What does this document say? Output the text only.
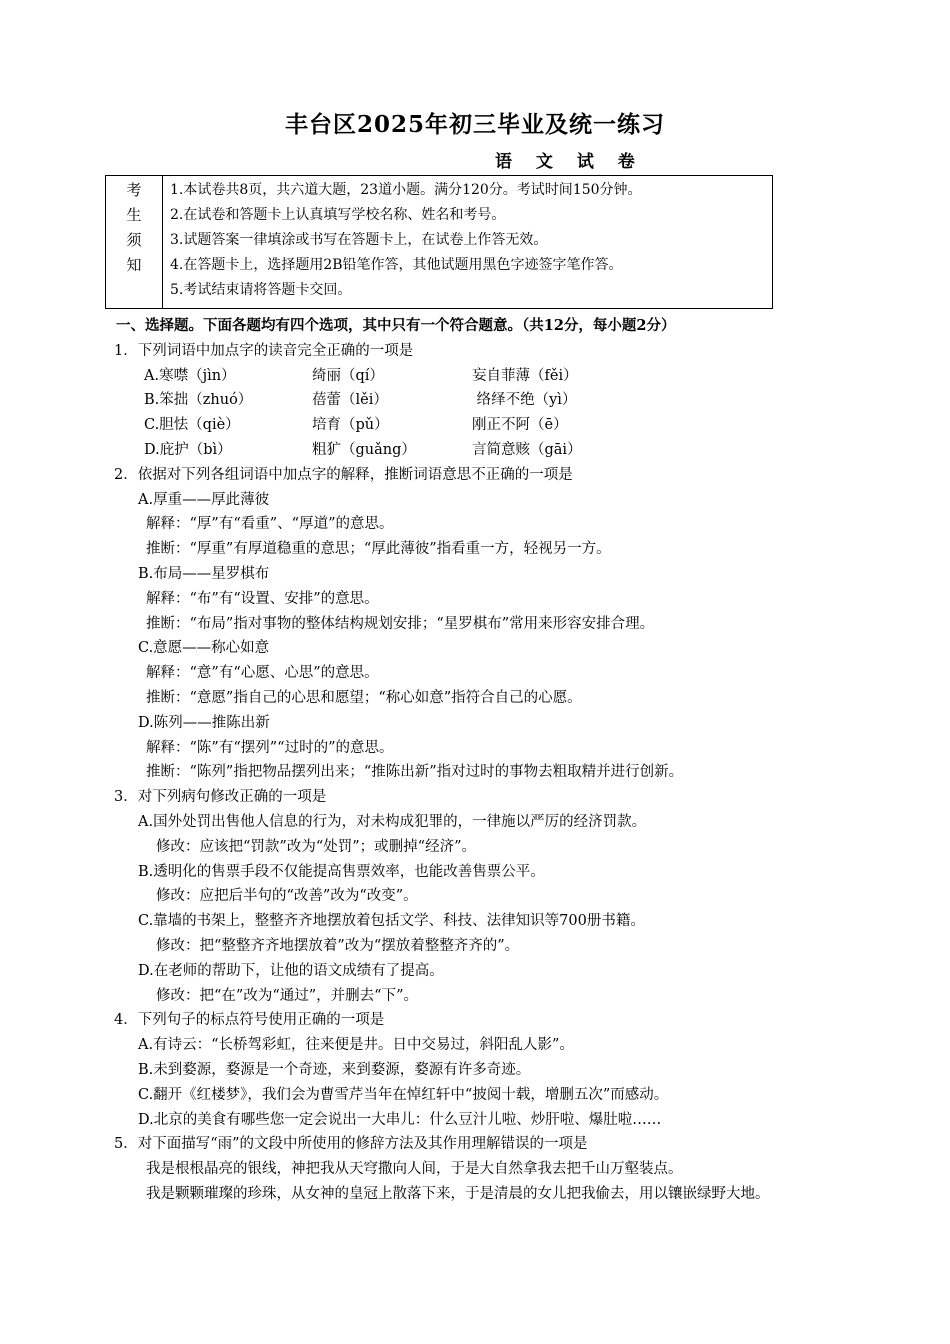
丰台区2025年初三毕业及统一练习
语 文 试 卷
考
生
须
知
1.本试卷共8页，共六道大题，23道小题。满分120分。考试时间150分钟。
2.在试卷和答题卡上认真填写学校名称、姓名和考号。
3.试题答案一律填涂或书写在答题卡上，在试卷上作答无效。
4.在答题卡上，选择题用2B铅笔作答，其他试题用黑色字迹签字笔作答。
5.考试结束请将答题卡交回。
一、选择题。下面各题均有四个选项，其中只有一个符合题意。（共12分，每小题2分）
1．下列词语中加点字的读音完全正确的一项是
A.寒噤（jìn）	绮丽（qí）	妄自菲薄（fěi）
B.笨拙（zhuó）	蓓蕾（lěi）	络绎不绝（yì）
C.胆怯（qiè）	培育（pǔ）	刚正不阿（ē）
D.庇护（bì）	粗犷（guǎng）	言简意赅（gāi）
2．依据对下列各组词语中加点字的解释，推断词语意思不正确的一项是
A.厚重——厚此薄彼
解释：“厚”有“看重”、“厚道”的意思。
推断：“厚重”有厚道稳重的意思；“厚此薄彼”指看重一方，轻视另一方。
B.布局——星罗棋布
解释：“布”有“设置、安排”的意思。
推断：“布局”指对事物的整体结构规划安排；“星罗棋布”常用来形容安排合理。
C.意愿——称心如意
解释：“意”有“心愿、心思”的意思。
推断：“意愿”指自己的心思和愿望；“称心如意”指符合自己的心愿。
D.陈列——推陈出新
解释：“陈”有“摆列”“过时的”的意思。
推断：“陈列”指把物品摆列出来；“推陈出新”指对过时的事物去粗取精并进行创新。
3．对下列病句修改正确的一项是
A.国外处罚出售他人信息的行为，对未构成犯罪的，一律施以严厉的经济罚款。
修改：应该把“罚款”改为“处罚”；或删掉“经济”。
B.透明化的售票手段不仅能提高售票效率，也能改善售票公平。
修改：应把后半句的“改善”改为“改变”。
C.靠墙的书架上，整整齐齐地摆放着包括文学、科技、法律知识等700册书籍。
修改：把“整整齐齐地摆放着”改为“摆放着整整齐齐的”。
D.在老师的帮助下，让他的语文成绩有了提高。
修改：把“在”改为“通过”，并删去“下”。
4．下列句子的标点符号使用正确的一项是
A.有诗云：“长桥驾彩虹，往来便是井。日中交易过，斜阳乱人影”。
B.未到婺源，婺源是一个奇迹，来到婺源，婺源有许多奇迹。
C.翻开《红楼梦》，我们会为曹雪芹当年在悼红轩中“披阅十载，增删五次”而感动。
D.北京的美食有哪些您一定会说出一大串儿：什么豆汁儿啦、炒肝啦、爆肚啦……
5．对下面描写“雨”的文段中所使用的修辞方法及其作用理解错误的一项是
我是根根晶亮的银线，神把我从天穹撒向人间，于是大自然拿我去把千山万壑装点。
我是颗颗璀璨的珍珠，从女神的皇冠上散落下来，于是清晨的女儿把我偷去，用以镶嵌绿野大地。
